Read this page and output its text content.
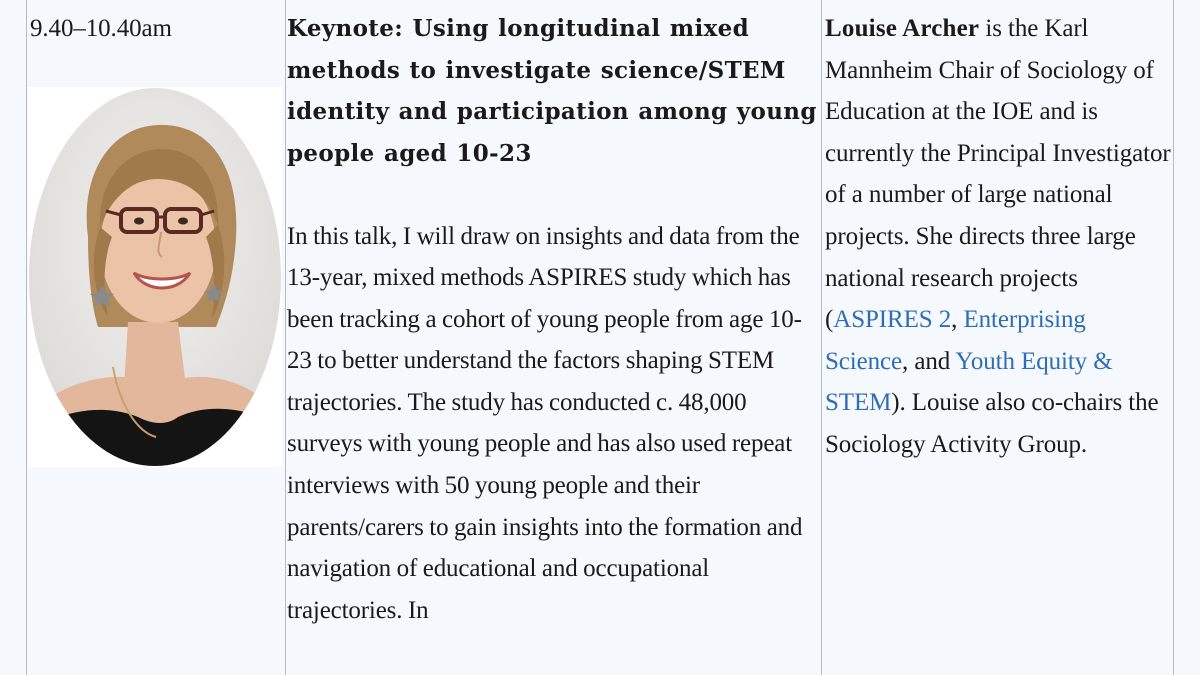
9.40–10.40am	Keynote: Using longitudinal mixed methods to investigate science/STEM identity and participation among young people aged 10-23

In this talk, I will draw on insights and data from the 13-year, mixed methods ASPIRES study which has been tracking a cohort of young people from age 10-23 to better understand the factors shaping STEM trajectories. The study has conducted c. 48,000 surveys with young people and has also used repeat interviews with 50 young people and their parents/carers to gain insights into the formation and navigation of educational and occupational trajectories. In

Louise Archer is the Karl Mannheim Chair of Sociology of Education at the IOE and is currently the Principal Investigator of a number of large national projects. She directs three large national research projects (ASPIRES 2, Enterprising Science, and Youth Equity & STEM). Louise also co-chairs the Sociology Activity Group.
